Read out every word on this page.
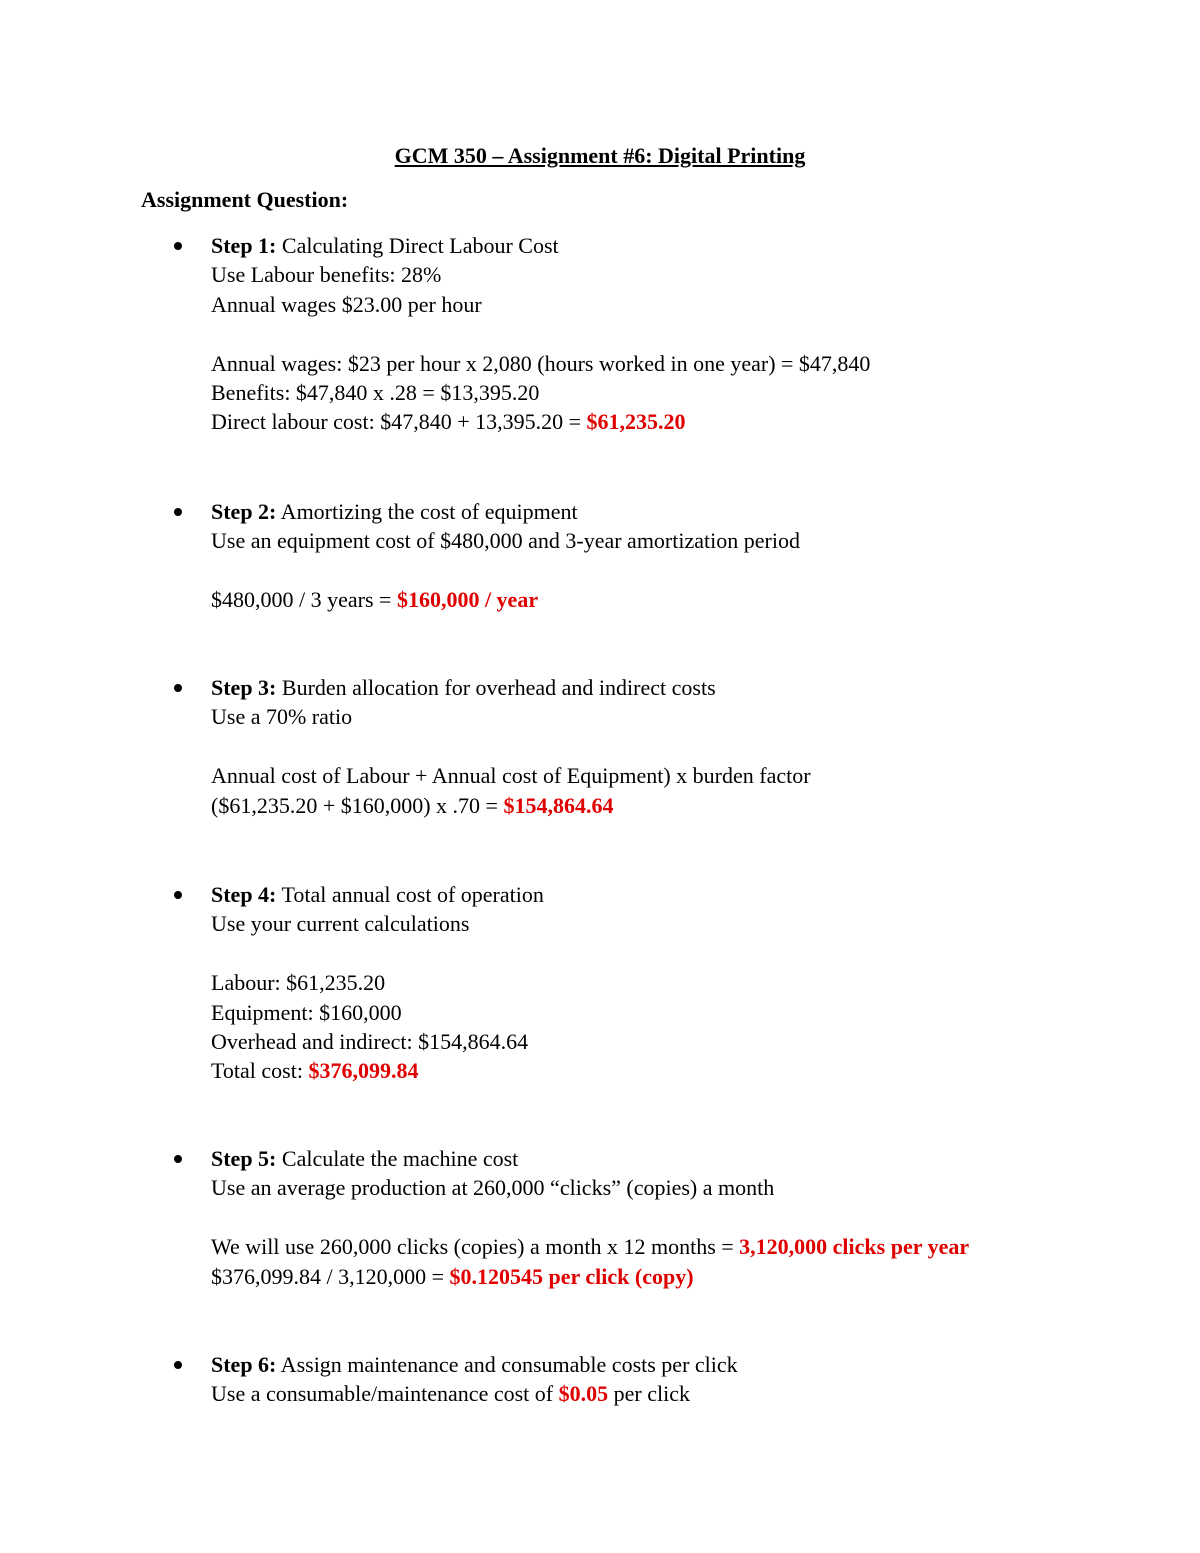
GCM 350 – Assignment #6: Digital Printing
Assignment Question:
Step 1: Calculating Direct Labour Cost
Use Labour benefits: 28%
Annual wages $23.00 per hour
Annual wages: $23 per hour x 2,080 (hours worked in one year) = $47,840
Benefits: $47,840 x .28 = $13,395.20
Direct labour cost: $47,840 + 13,395.20 = $61,235.20
Step 2: Amortizing the cost of equipment
Use an equipment cost of $480,000 and 3-year amortization period
$480,000 / 3 years = $160,000 / year
Step 3: Burden allocation for overhead and indirect costs
Use a 70% ratio
Annual cost of Labour + Annual cost of Equipment) x burden factor
($61,235.20 + $160,000) x .70 = $154,864.64
Step 4: Total annual cost of operation
Use your current calculations
Labour: $61,235.20
Equipment: $160,000
Overhead and indirect: $154,864.64
Total cost: $376,099.84
Step 5: Calculate the machine cost
Use an average production at 260,000 “clicks” (copies) a month
We will use 260,000 clicks (copies) a month x 12 months = 3,120,000 clicks per year
$376,099.84 / 3,120,000 = $0.120545 per click (copy)
Step 6: Assign maintenance and consumable costs per click
Use a consumable/maintenance cost of $0.05 per click
